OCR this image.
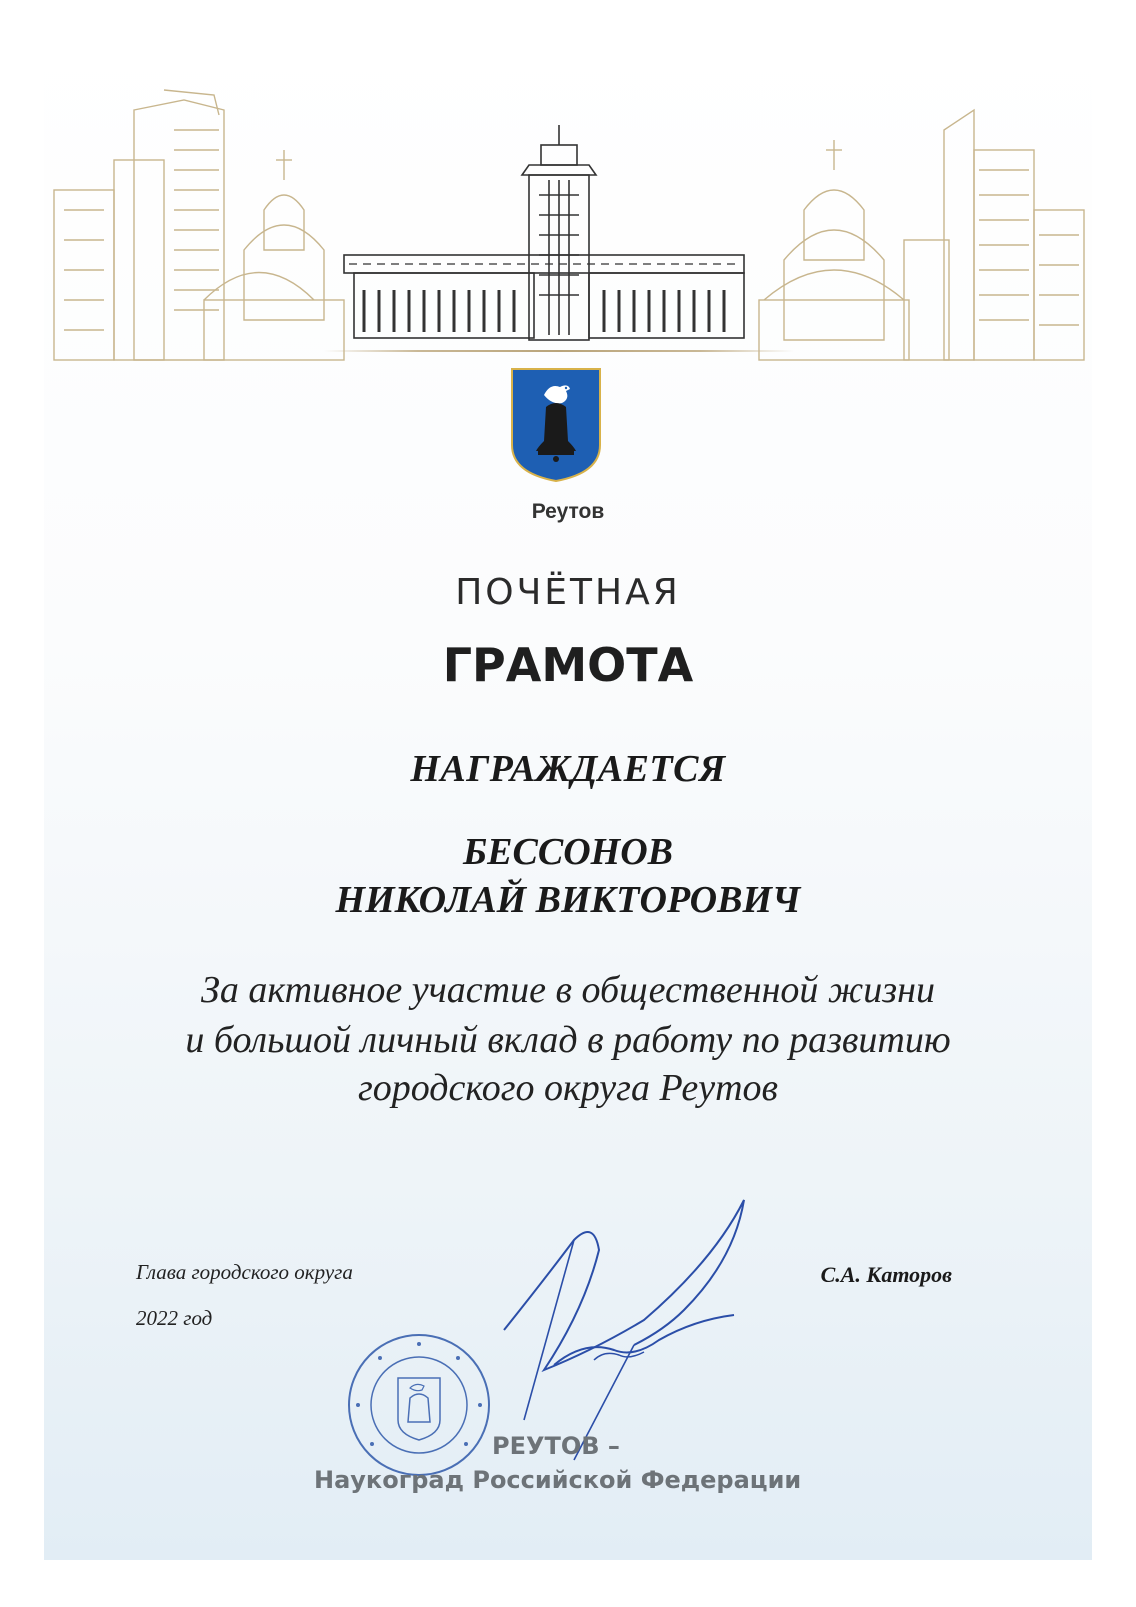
Реутов
ПОЧЁТНАЯ
ГРАМОТА
НАГРАЖДАЕТСЯ
БЕССОНОВ
НИКОЛАЙ ВИКТОРОВИЧ
За активное участие в общественной жизни
и большой личный вклад в работу по развитию
городского округа Реутов
Глава городского округа
2022 год
С.А. Каторов
РЕУТОВ –
Наукоград Российской Федерации
